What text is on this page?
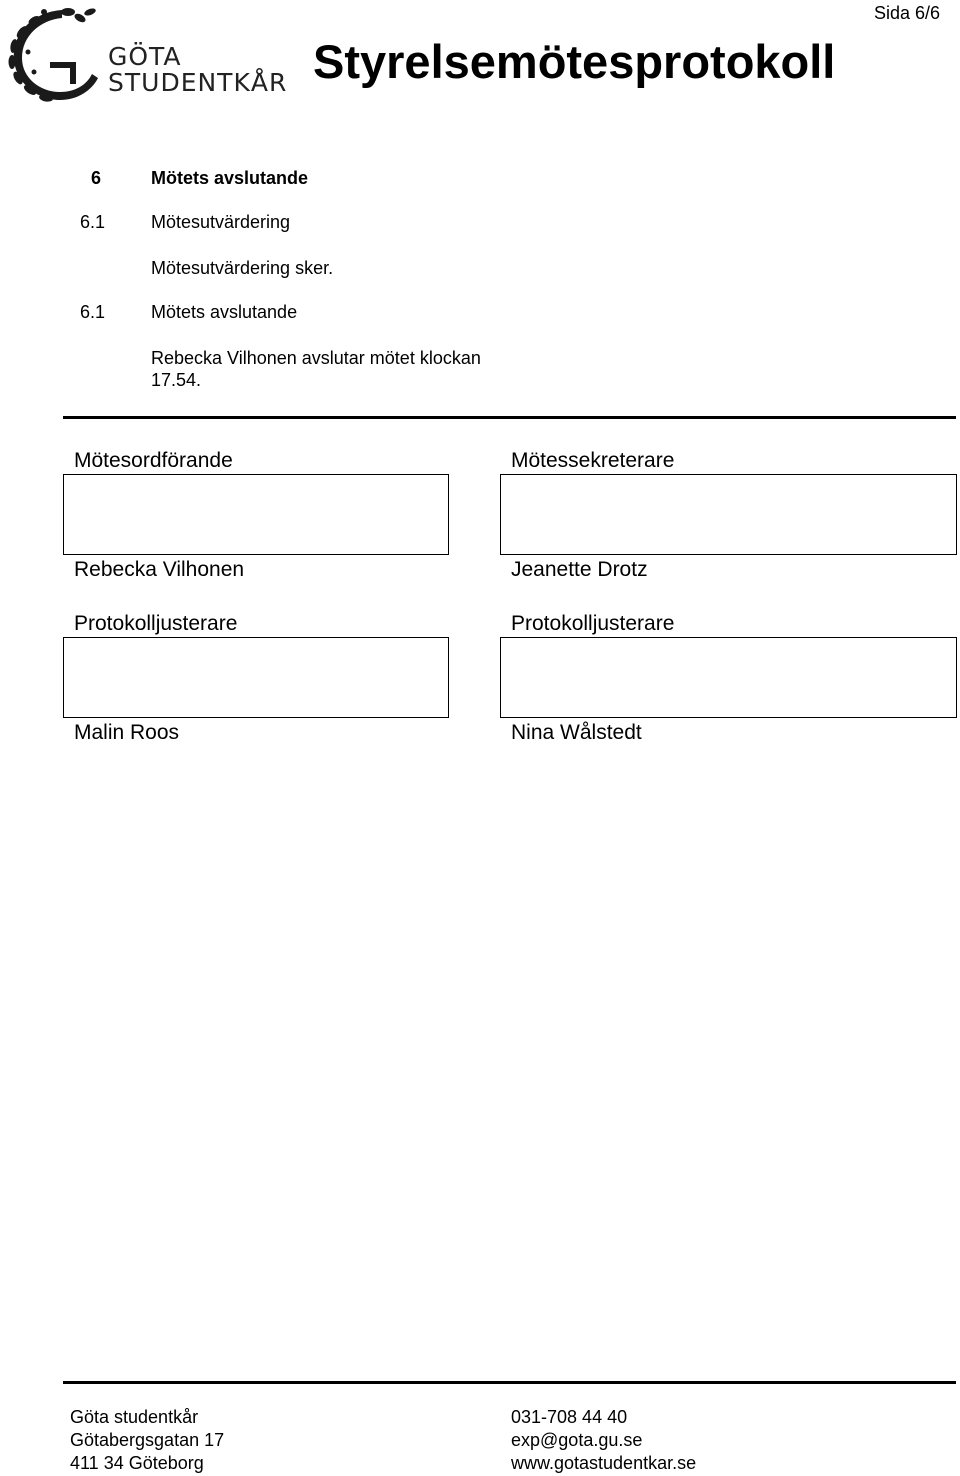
GÖTA
STUDENTKÅR
Sida 6/6
Styrelsemötesprotokoll
6	Mötets avslutande
6.1	Mötesutvärdering
Mötesutvärdering sker.
6.1	Mötets avslutande
Rebecka Vilhonen avslutar mötet klockan 17.54.
Mötesordförande	Mötessekreterare
Rebecka Vilhonen	Jeanette Drotz
Protokolljusterare	Protokolljusterare
Malin Roos	Nina Wålstedt
Göta studentkår
Götabergsgatan 17
411 34 Göteborg
031-708 44 40
exp@gota.gu.se
www.gotastudentkar.se
